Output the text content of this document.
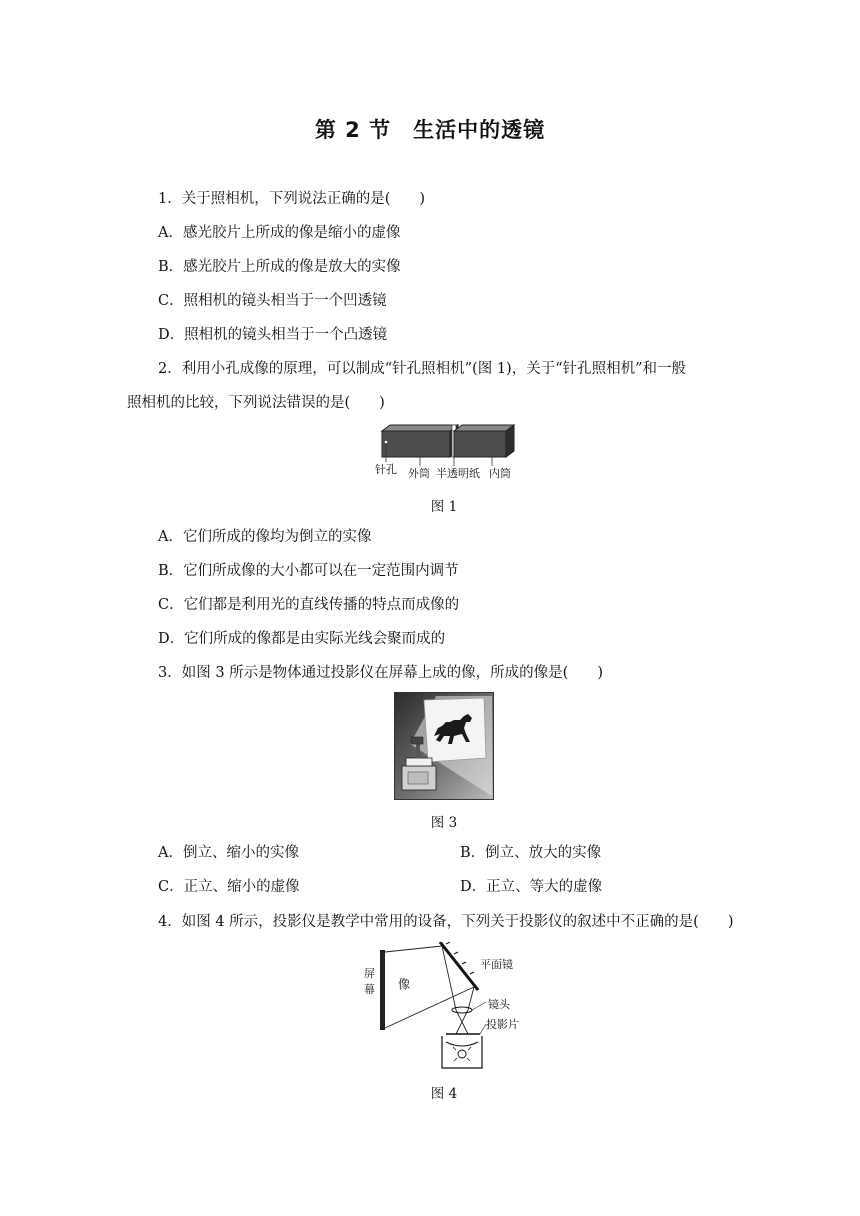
第 2 节　生活中的透镜
1．关于照相机，下列说法正确的是(　　)
A．感光胶片上所成的像是缩小的虚像
B．感光胶片上所成的像是放大的实像
C．照相机的镜头相当于一个凹透镜
D．照相机的镜头相当于一个凸透镜
2．利用小孔成像的原理，可以制成“针孔照相机”(图 1)，关于“针孔照相机”和一般
照相机的比较，下列说法错误的是(　　)
针孔 外筒 半透明纸 内筒
图 1
A．它们所成的像均为倒立的实像
B．它们所成像的大小都可以在一定范围内调节
C．它们都是利用光的直线传播的特点而成像的
D．它们所成的像都是由实际光线会聚而成的
3．如图 3 所示是物体通过投影仪在屏幕上成的像，所成的像是(　　)
图 3
A．倒立、缩小的实像	B．倒立、放大的实像
C．正立、缩小的虚像	D．正立、等大的虚像
4．如图 4 所示，投影仪是教学中常用的设备，下列关于投影仪的叙述中不正确的是(　　)
屏
幕 像
平面镜
镜头
投影片
图 4
